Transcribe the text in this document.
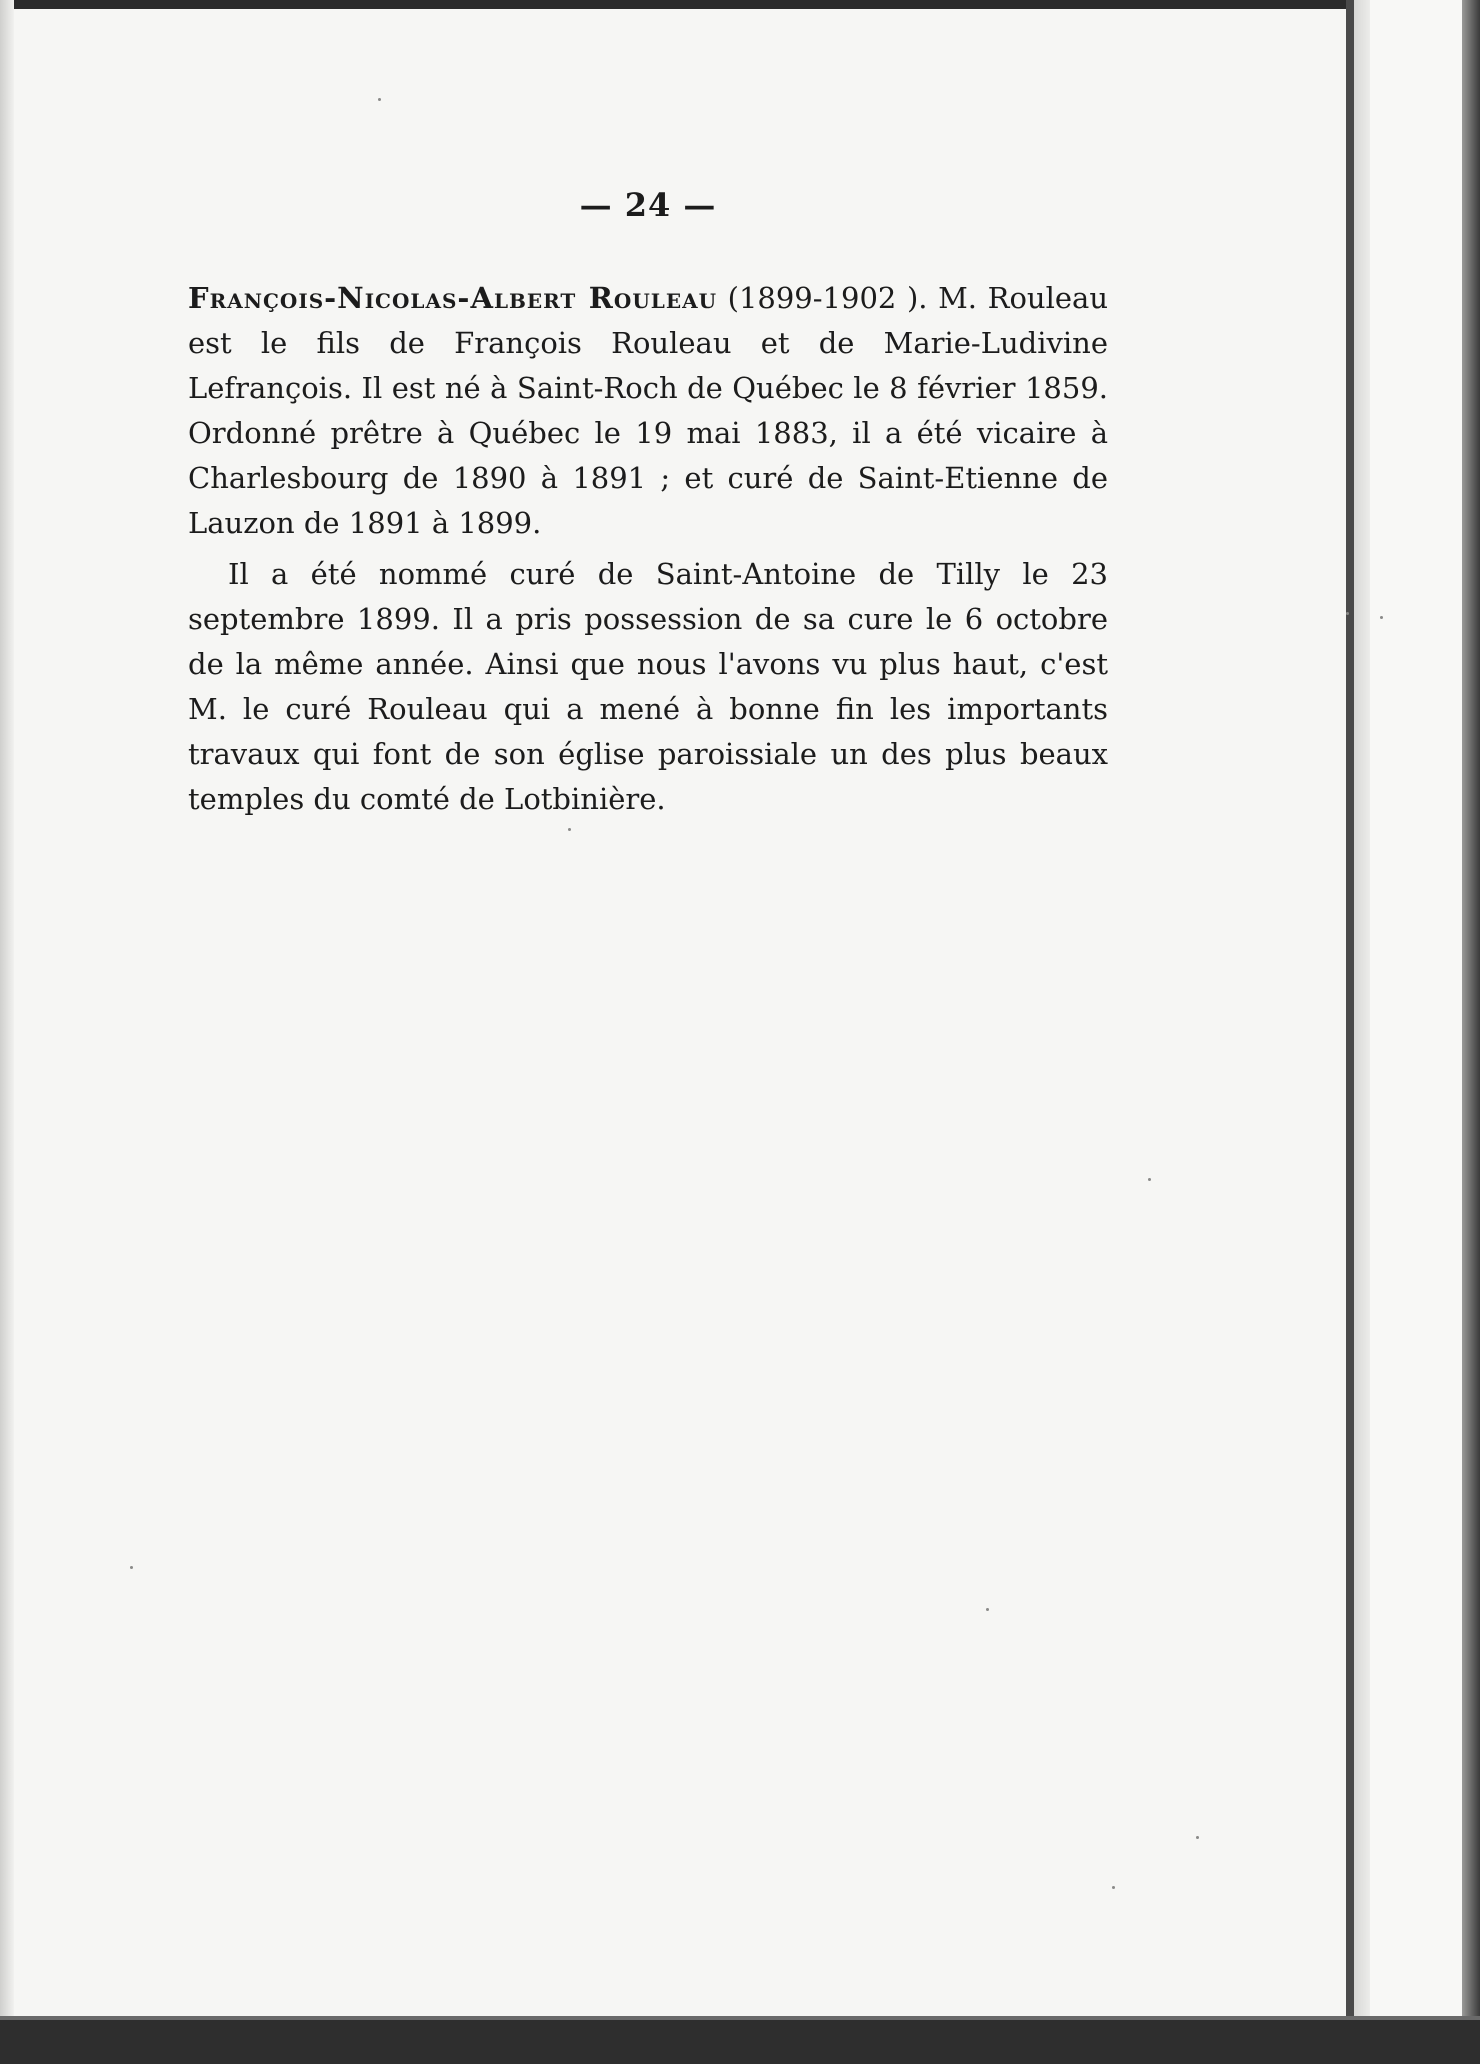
— 24 —

François-Nicolas-Albert Rouleau (1899-1902 ). M. Rouleau est le fils de François Rouleau et de Marie-Ludivine Lefrançois. Il est né à Saint-Roch de Québec le 8 février 1859. Ordonné prêtre à Québec le 19 mai 1883, il a été vicaire à Charlesbourg de 1890 à 1891 ; et curé de Saint-Etienne de Lauzon de 1891 à 1899.

Il a été nommé curé de Saint-Antoine de Tilly le 23 septembre 1899. Il a pris possession de sa cure le 6 octobre de la même année. Ainsi que nous l'avons vu plus haut, c'est M. le curé Rouleau qui a mené à bonne fin les importants travaux qui font de son église paroissiale un des plus beaux temples du comté de Lotbinière.
